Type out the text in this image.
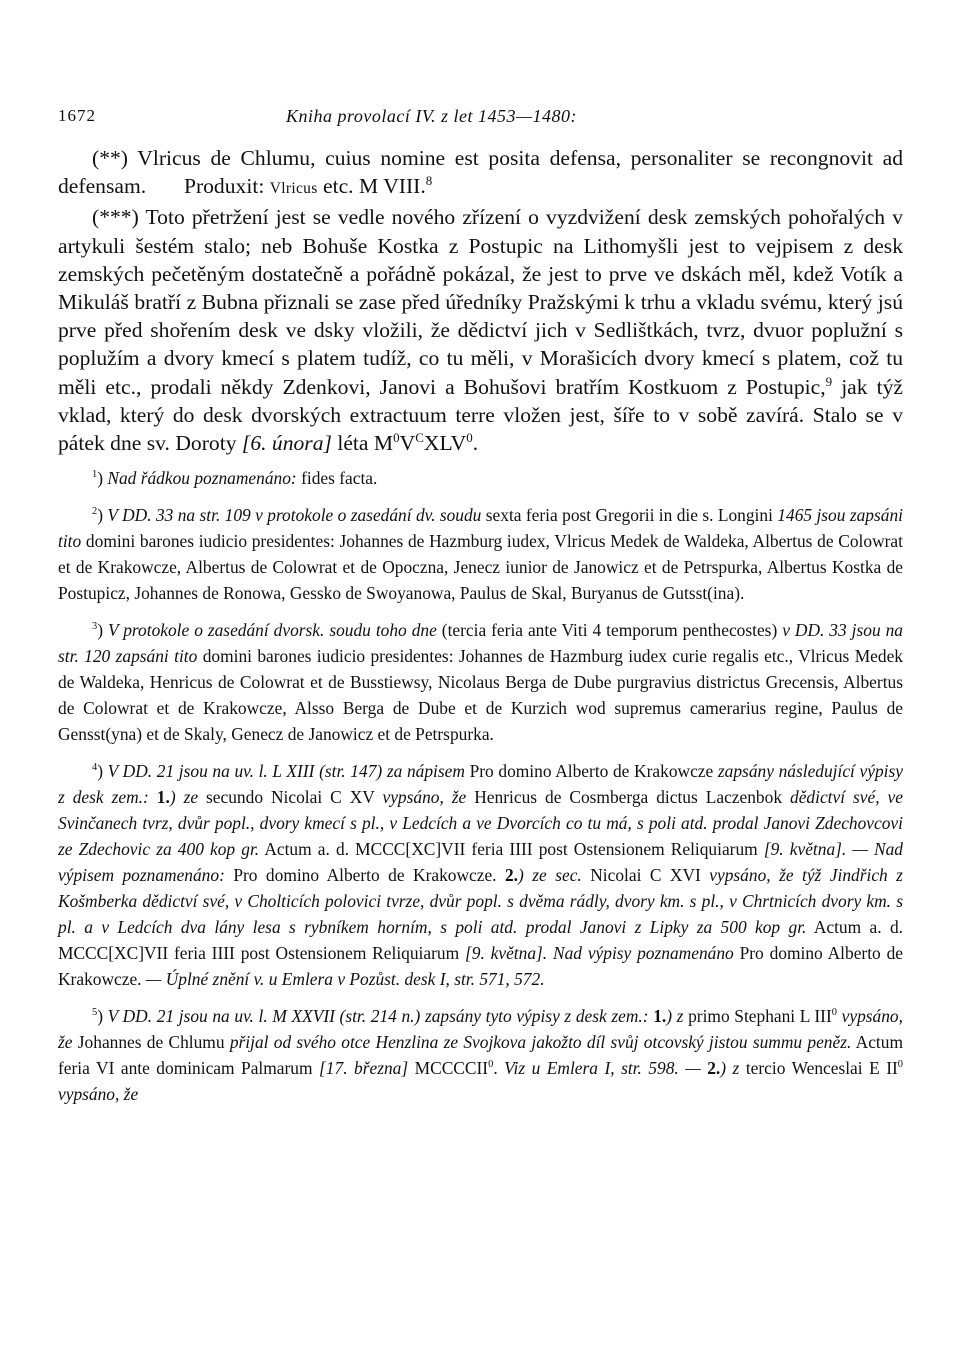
1672	Kniha provolací IV. z let 1453—1480:

(**) Vlricus de Chlumu, cuius nomine est posita defensa, personaliter se recongnovit ad defensam. Produxit: Vlricus etc. M VIII.$^8$

(***) Toto přetržení jest se vedle nového zřízení o vyzdvižení desk zemských pohořalých v artykuli šestém stalo; neb Bohuše Kostka z Postupic na Lithomyšli jest to vejpisem z desk zemských pečetěným dostatečně a pořádně pokázal, že jest to prve ve dskách měl, kdež Votík a Mikuláš bratří z Bubna přiznali se zase před úředníky Pražskými k trhu a vkladu svému, který jsú prve před shořením desk ve dsky vložili, že dědictví jich v Sedlištkách, tvrz, dvuor poplužní s poplužím a dvory kmecí s platem tudíž, co tu měli, v Morašicích dvory kmecí s platem, což tu měli etc., prodali někdy Zdenkovi, Janovi a Bohušovi bratřím Kostkuom z Postupic,$^9$ jak týž vklad, který do desk dvorských extractuum terre vložen jest, šíře to v sobě zavírá. Stalo se v pátek dne sv. Doroty [6. února] léta M$^0$V$^C$XLV$^0$.

$^1$) Nad řádkou poznamenáno: fides facta.

$^2$) V DD. 33 na str. 109 v protokole o zasedání dv. soudu sexta feria post Gregorii in die s. Longini 1465 jsou zapsáni tito domini barones iudicio presidentes: Johannes de Hazmburg iudex, Vlricus Medek de Waldeka, Albertus de Colowrat et de Krakowcze, Albertus de Colowrat et de Opoczna, Jenecz iunior de Janowicz et de Petrspurka, Albertus Kostka de Postupicz, Johannes de Ronowa, Gessko de Swoyanowa, Paulus de Skal, Buryanus de Gutsst(ina).

$^3$) V protokole o zasedání dvorsk. soudu toho dne (tercia feria ante Viti 4 temporum penthecostes) v DD. 33 jsou na str. 120 zapsáni tito domini barones iudicio presidentes: Johannes de Hazmburg iudex curie regalis etc., Vlricus Medek de Waldeka, Henricus de Colowrat et de Busstiewsy, Nicolaus Berga de Dube purgravius districtus Grecensis, Albertus de Colowrat et de Krakowcze, Alsso Berga de Dube et de Kurzich wod supremus camerarius regine, Paulus de Gensst(yna) et de Skaly, Genecz de Janowicz et de Petrspurka.

$^4$) V DD. 21 jsou na uv. l. L XIII (str. 147) za nápisem Pro domino Alberto de Krakowcze zapsány následující výpisy z desk zem.: 1.) ze secundo Nicolai C XV vypsáno, že Henricus de Cosmberga dictus Laczenbok dědictví své, ve Svinčanech tvrz, dvůr popl., dvory kmecí s pl., v Ledcích a ve Dvorcích co tu má, s poli atd. prodal Janovi Zdechovcovi ze Zdechovic za 400 kop gr. Actum a. d. MCCC[XC]VII feria IIII post Ostensionem Reliquiarum [9. května]. — Nad výpisem poznamenáno: Pro domino Alberto de Krakowcze. 2.) ze sec. Nicolai C XVI vypsáno, že týž Jindřich z Košmberka dědictví své, v Cholticích polovici tvrze, dvůr popl. s dvěma rádly, dvory km. s pl., v Chrtnicích dvory km. s pl. a v Ledcích dva lány lesa s rybníkem horním, s poli atd. prodal Janovi z Lipky za 500 kop gr. Actum a. d. MCCC[XC]VII feria IIII post Ostensionem Reliquiarum [9. května]. Nad výpisy poznamenáno Pro domino Alberto de Krakowcze. — Úplné znění v. u Emlera v Pozůst. desk I, str. 571, 572.

$^5$) V DD. 21 jsou na uv. l. M XXVII (str. 214 n.) zapsány tyto výpisy z desk zem.: 1.) z primo Stephani L III$^0$ vypsáno, že Johannes de Chlumu přijal od svého otce Henzlina ze Svojkova jakožto díl svůj otcovský jistou summu peněz. Actum feria VI ante dominicam Palmarum [17. března] MCCCCII$^0$. Viz u Emlera I, str. 598. — 2.) z tercio Wenceslai E II$^0$ vypsáno, že
